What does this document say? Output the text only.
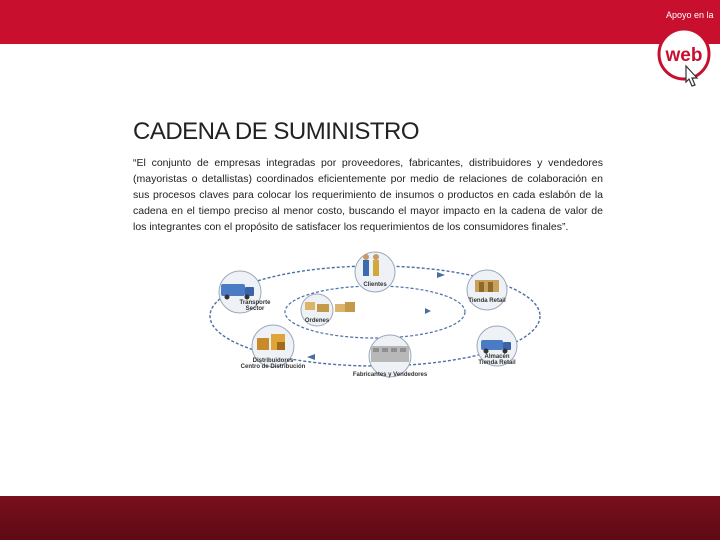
Apoyo en la
web
CADENA DE SUMINISTRO

“El conjunto de empresas integradas por proveedores, fabricantes, distribuidores y vendedores (mayoristas o detallistas) coordinados eficientemente por medio de relaciones de colaboración en sus procesos claves para colocar los requerimiento de insumos o productos en cada eslabón de la cadena en el tiempo preciso al menor costo, buscando el mayor impacto en la cadena de valor de los integrantes con el propósito de satisfacer los requerimientos de los consumidores finales”.

Clientes
Tienda Retail
Almacén
Tienda Retail
Fabricantes y Vendedores
Distribuidores
Centro de Distribución
Transporte
Sector
Ordenes
